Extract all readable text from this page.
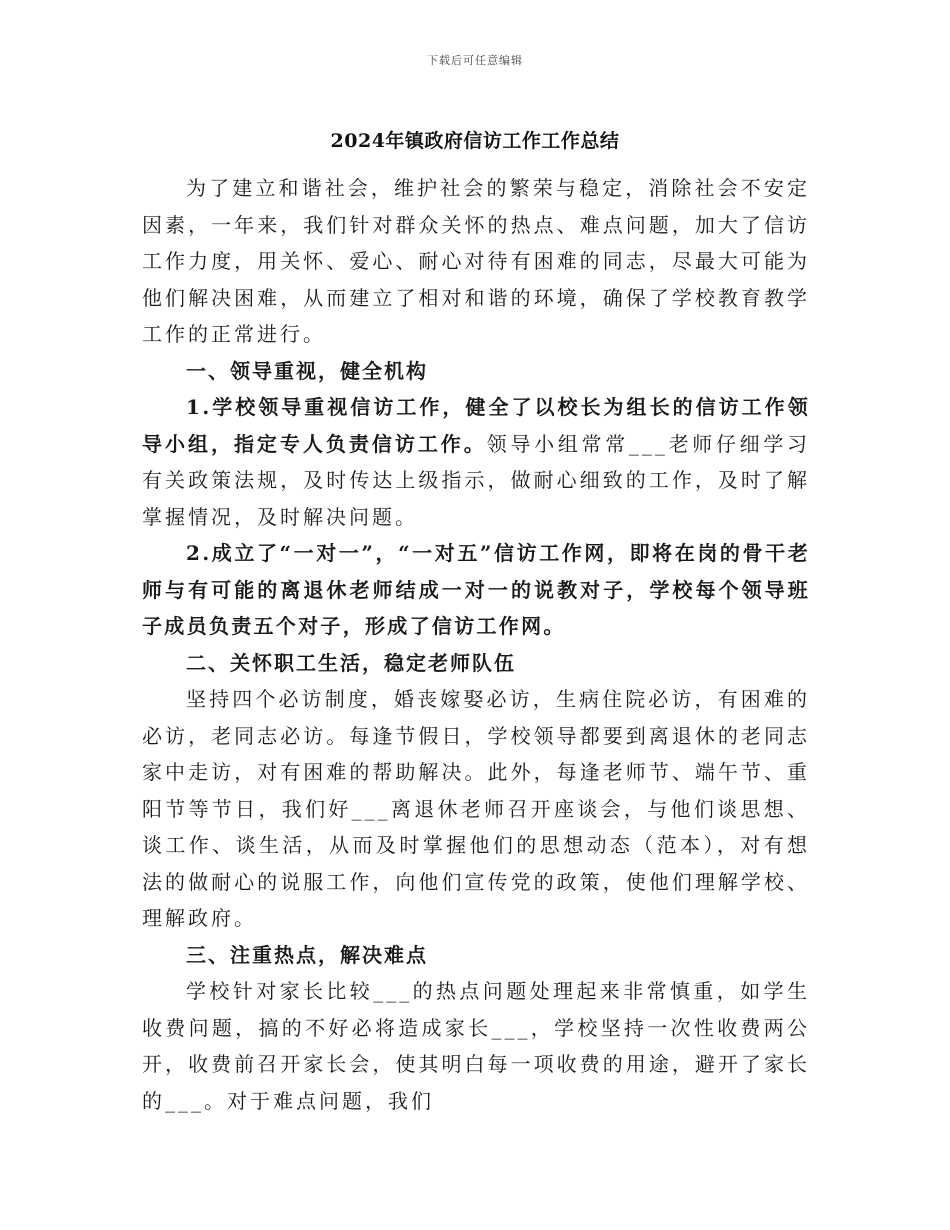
下载后可任意编辑
2024年镇政府信访工作工作总结

为了建立和谐社会，维护社会的繁荣与稳定，消除社会不安定因素，一年来，我们针对群众关怀的热点、难点问题，加大了信访工作力度，用关怀、爱心、耐心对待有困难的同志，尽最大可能为他们解决困难，从而建立了相对和谐的环境，确保了学校教育教学工作的正常进行。

一、领导重视，健全机构

1.学校领导重视信访工作，健全了以校长为组长的信访工作领导小组，指定专人负责信访工作。领导小组常常___老师仔细学习有关政策法规，及时传达上级指示，做耐心细致的工作，及时了解掌握情况，及时解决问题。

2.成立了“一对一”，“一对五”信访工作网，即将在岗的骨干老师与有可能的离退休老师结成一对一的说教对子，学校每个领导班子成员负责五个对子，形成了信访工作网。

二、关怀职工生活，稳定老师队伍

坚持四个必访制度，婚丧嫁娶必访，生病住院必访，有困难的必访，老同志必访。每逢节假日，学校领导都要到离退休的老同志家中走访，对有困难的帮助解决。此外，每逢老师节、端午节、重阳节等节日，我们好___离退休老师召开座谈会，与他们谈思想、谈工作、谈生活，从而及时掌握他们的思想动态（范本），对有想法的做耐心的说服工作，向他们宣传党的政策，使他们理解学校、理解政府。

三、注重热点，解决难点

学校针对家长比较___的热点问题处理起来非常慎重，如学生收费问题，搞的不好必将造成家长___，学校坚持一次性收费两公开，收费前召开家长会，使其明白每一项收费的用途，避开了家长的___。对于难点问题，我们
